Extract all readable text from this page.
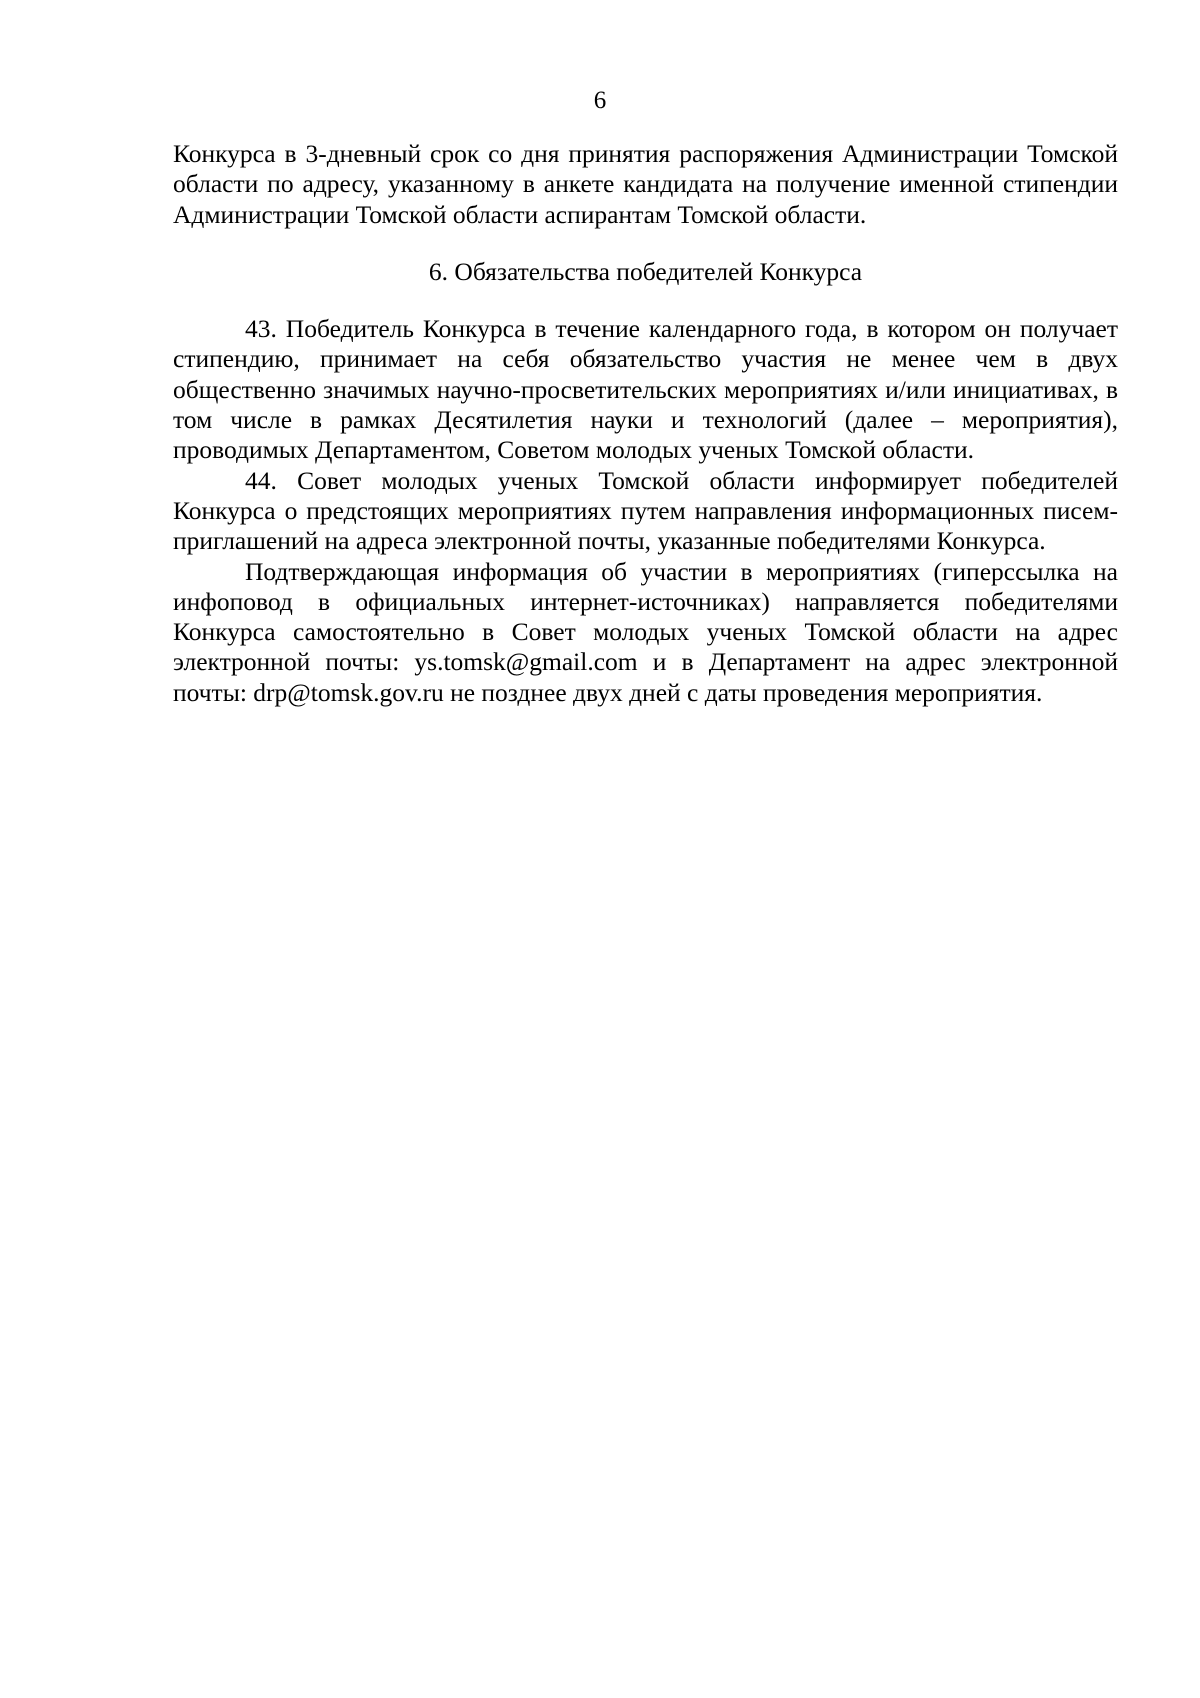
6

Конкурса в 3-дневный срок со дня принятия распоряжения Администрации Томской области по адресу, указанному в анкете кандидата на получение именной стипендии Администрации Томской области аспирантам Томской области.

6. Обязательства победителей Конкурса

43. Победитель Конкурса в течение календарного года, в котором он получает стипендию, принимает на себя обязательство участия не менее чем в двух общественно значимых научно-просветительских мероприятиях и/или инициативах, в том числе в рамках Десятилетия науки и технологий (далее – мероприятия), проводимых Департаментом, Советом молодых ученых Томской области.

44. Совет молодых ученых Томской области информирует победителей Конкурса о предстоящих мероприятиях путем направления информационных писем-приглашений на адреса электронной почты, указанные победителями Конкурса.

Подтверждающая информация об участии в мероприятиях (гиперссылка на инфоповод в официальных интернет-источниках) направляется победителями Конкурса самостоятельно в Совет молодых ученых Томской области на адрес электронной почты: ys.tomsk@gmail.com и в Департамент на адрес электронной почты: drp@tomsk.gov.ru не позднее двух дней с даты проведения мероприятия.
